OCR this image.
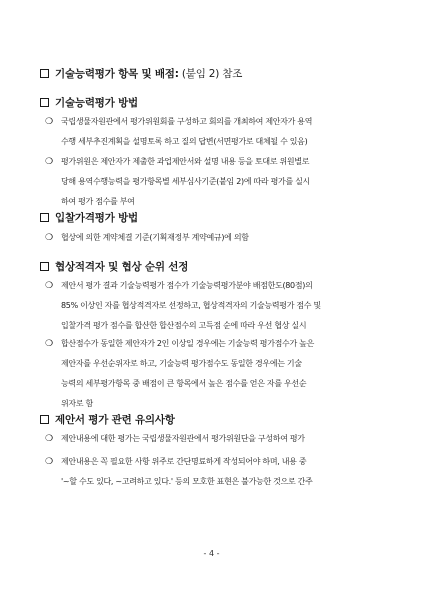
기술능력평가 항목 및 배점: (붙임 2) 참조
기술능력평가 방법
❍ 국립생물자원관에서 평가위원회를 구성하고 회의를 개최하여 제안자가 용역
수행 세부추진계획을 설명토록 하고 질의 답변(서면평가로 대체될 수 있음)
❍ 평가위원은 제안자가 제출한 과업제안서와 설명 내용 등을 토대로 위원별로
당해 용역수행능력을 평가항목별 세부심사기준(붙임 2)에 따라 평가를 실시
하여 평가 점수를 부여
입찰가격평가 방법
❍ 협상에 의한 계약체결 기준(기획재정부 계약예규)에 의함
협상적격자 및 협상 순위 선정
❍ 제안서 평가 결과 기술능력평가 점수가 기술능력평가분야 배점한도(80점)의
85% 이상인 자를 협상적격자로 선정하고, 협상적격자의 기술능력평가 점수 및
입찰가격 평가 점수를 합산한 합산점수의 고득점 순에 따라 우선 협상 실시
❍ 합산점수가 동일한 제안자가 2인 이상일 경우에는 기술능력 평가점수가 높은
제안자를 우선순위자로 하고, 기술능력 평가점수도 동일한 경우에는 기술
능력의 세부평가항목 중 배점이 큰 항목에서 높은 점수를 얻은 자를 우선순
위자로 함
제안서 평가 관련 유의사항
❍ 제안내용에 대한 평가는 국립생물자원관에서 평가위원단을 구성하여 평가
❍ 제안내용은 꼭 필요한 사항 위주로 간단명료하게 작성되어야 하며, 내용 중
'~할 수도 있다, ~고려하고 있다.' 등의 모호한 표현은 불가능한 것으로 간주
- 4 -
